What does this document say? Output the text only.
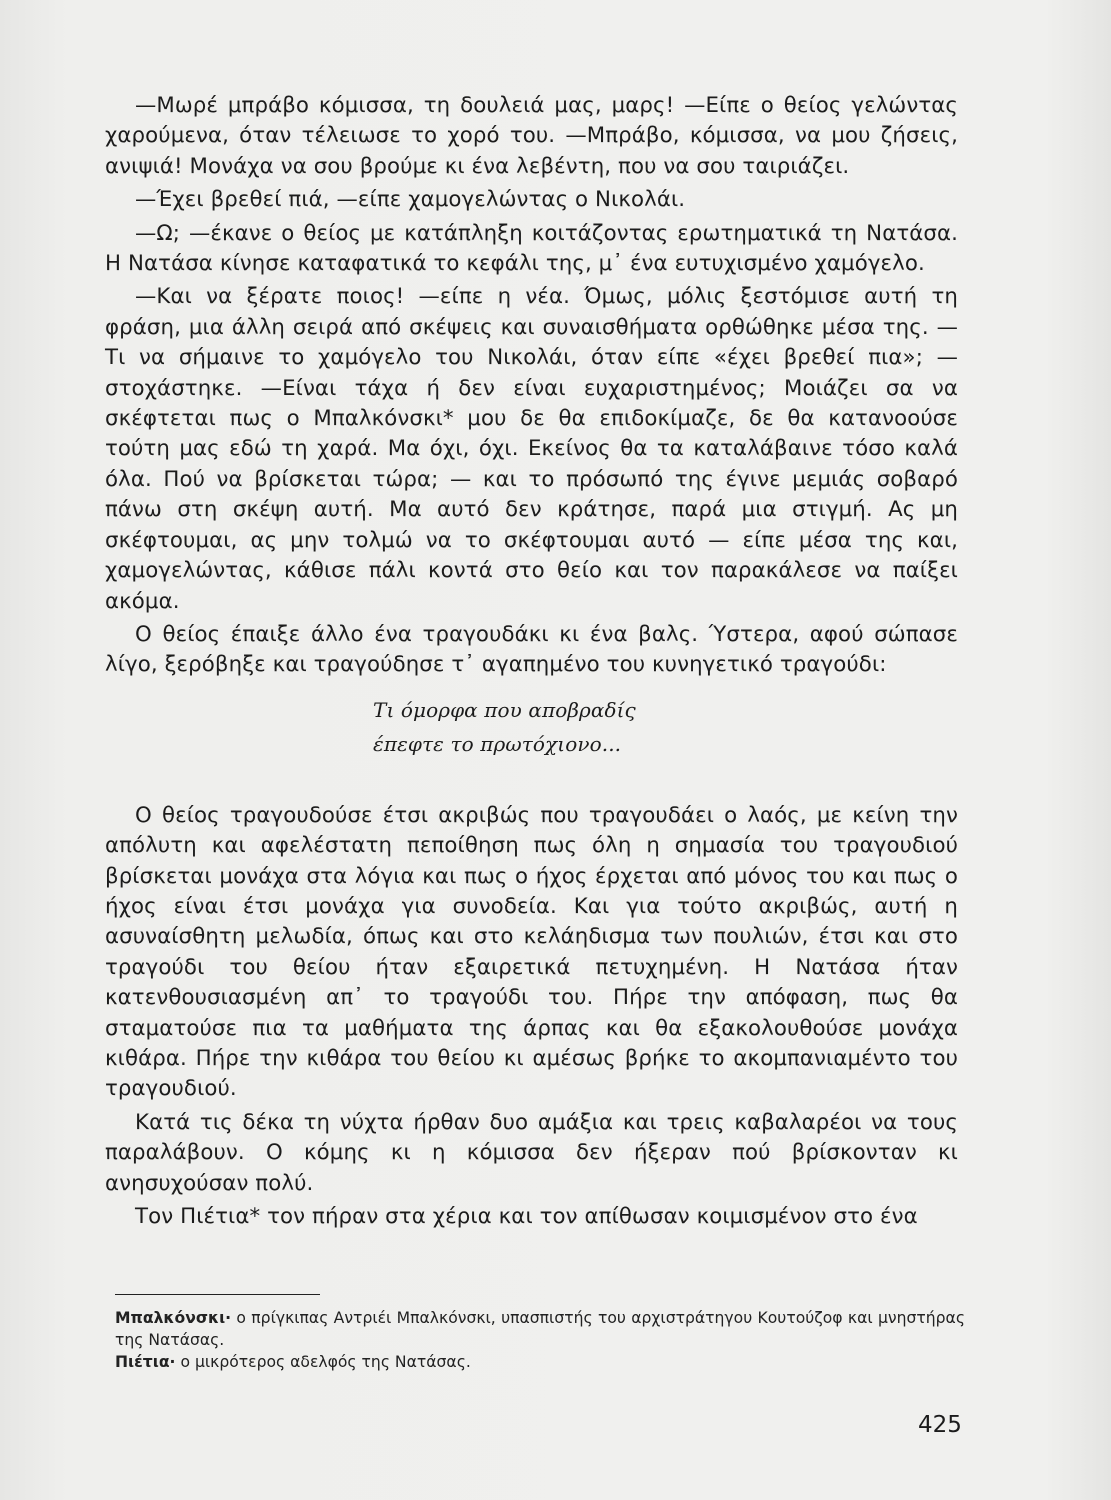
—Μωρέ μπράβο κόμισσα, τη δουλειά μας, μαρς! —Είπε ο θείος γελώντας χαρούμενα, όταν τέλειωσε το χορό του. —Μπράβο, κόμισσα, να μου ζήσεις, ανιψιά! Μονάχα να σου βρούμε κι ένα λεβέντη, που να σου ταιριάζει.

—Έχει βρεθεί πιά, —είπε χαμογελώντας ο Νικολάι.

—Ω; —έκανε ο θείος με κατάπληξη κοιτάζοντας ερωτηματικά τη Νατάσα. Η Νατάσα κίνησε καταφατικά το κεφάλι της, μ᾽ ένα ευτυχισμένο χαμόγελο.

—Και να ξέρατε ποιος! —είπε η νέα. Όμως, μόλις ξεστόμισε αυτή τη φράση, μια άλλη σειρά από σκέψεις και συναισθήματα ορθώθηκε μέσα της. —Τι να σήμαινε το χαμόγελο του Νικολάι, όταν είπε «έχει βρεθεί πια»; —στοχάστηκε. —Είναι τάχα ή δεν είναι ευχαριστημένος; Μοιάζει σα να σκέφτεται πως ο Μπαλκόνσκι* μου δε θα επιδοκίμαζε, δε θα κατανοούσε τούτη μας εδώ τη χαρά. Μα όχι, όχι. Εκείνος θα τα καταλάβαινε τόσο καλά όλα. Πού να βρίσκεται τώρα; — και το πρόσωπό της έγινε μεμιάς σοβαρό πάνω στη σκέψη αυτή. Μα αυτό δεν κράτησε, παρά μια στιγμή. Ας μη σκέφτουμαι, ας μην τολμώ να το σκέφτουμαι αυτό — είπε μέσα της και, χαμογελώντας, κάθισε πάλι κοντά στο θείο και τον παρακάλεσε να παίξει ακόμα.

Ο θείος έπαιξε άλλο ένα τραγουδάκι κι ένα βαλς. Ύστερα, αφού σώπασε λίγο, ξερόβηξε και τραγούδησε τ᾽ αγαπημένο του κυνηγετικό τραγούδι:

Τι όμορφα που αποβραδίς
έπεφτε το πρωτόχιονο...

Ο θείος τραγουδούσε έτσι ακριβώς που τραγουδάει ο λαός, με κείνη την απόλυτη και αφελέστατη πεποίθηση πως όλη η σημασία του τραγουδιού βρίσκεται μονάχα στα λόγια και πως ο ήχος έρχεται από μόνος του και πως ο ήχος είναι έτσι μονάχα για συνοδεία. Και για τούτο ακριβώς, αυτή η ασυναίσθητη μελωδία, όπως και στο κελάηδισμα των πουλιών, έτσι και στο τραγούδι του θείου ήταν εξαιρετικά πετυχημένη. Η Νατάσα ήταν κατενθουσιασμένη απ᾽ το τραγούδι του. Πήρε την απόφαση, πως θα σταματούσε πια τα μαθήματα της άρπας και θα εξακολουθούσε μονάχα κιθάρα. Πήρε την κιθάρα του θείου κι αμέσως βρήκε το ακομπανιαμέντο του τραγουδιού.

Κατά τις δέκα τη νύχτα ήρθαν δυο αμάξια και τρεις καβαλαρέοι να τους παραλάβουν. Ο κόμης κι η κόμισσα δεν ήξεραν πού βρίσκονταν κι ανησυχούσαν πολύ.

Τον Πιέτια* τον πήραν στα χέρια και τον απίθωσαν κοιμισμένον στο ένα

Μπαλκόνσκι· ο πρίγκιπας Αντριέι Μπαλκόνσκι, υπασπιστής του αρχιστράτηγου Κουτούζοφ και μνηστήρας της Νατάσας.

Πιέτια· ο μικρότερος αδελφός της Νατάσας.

425
